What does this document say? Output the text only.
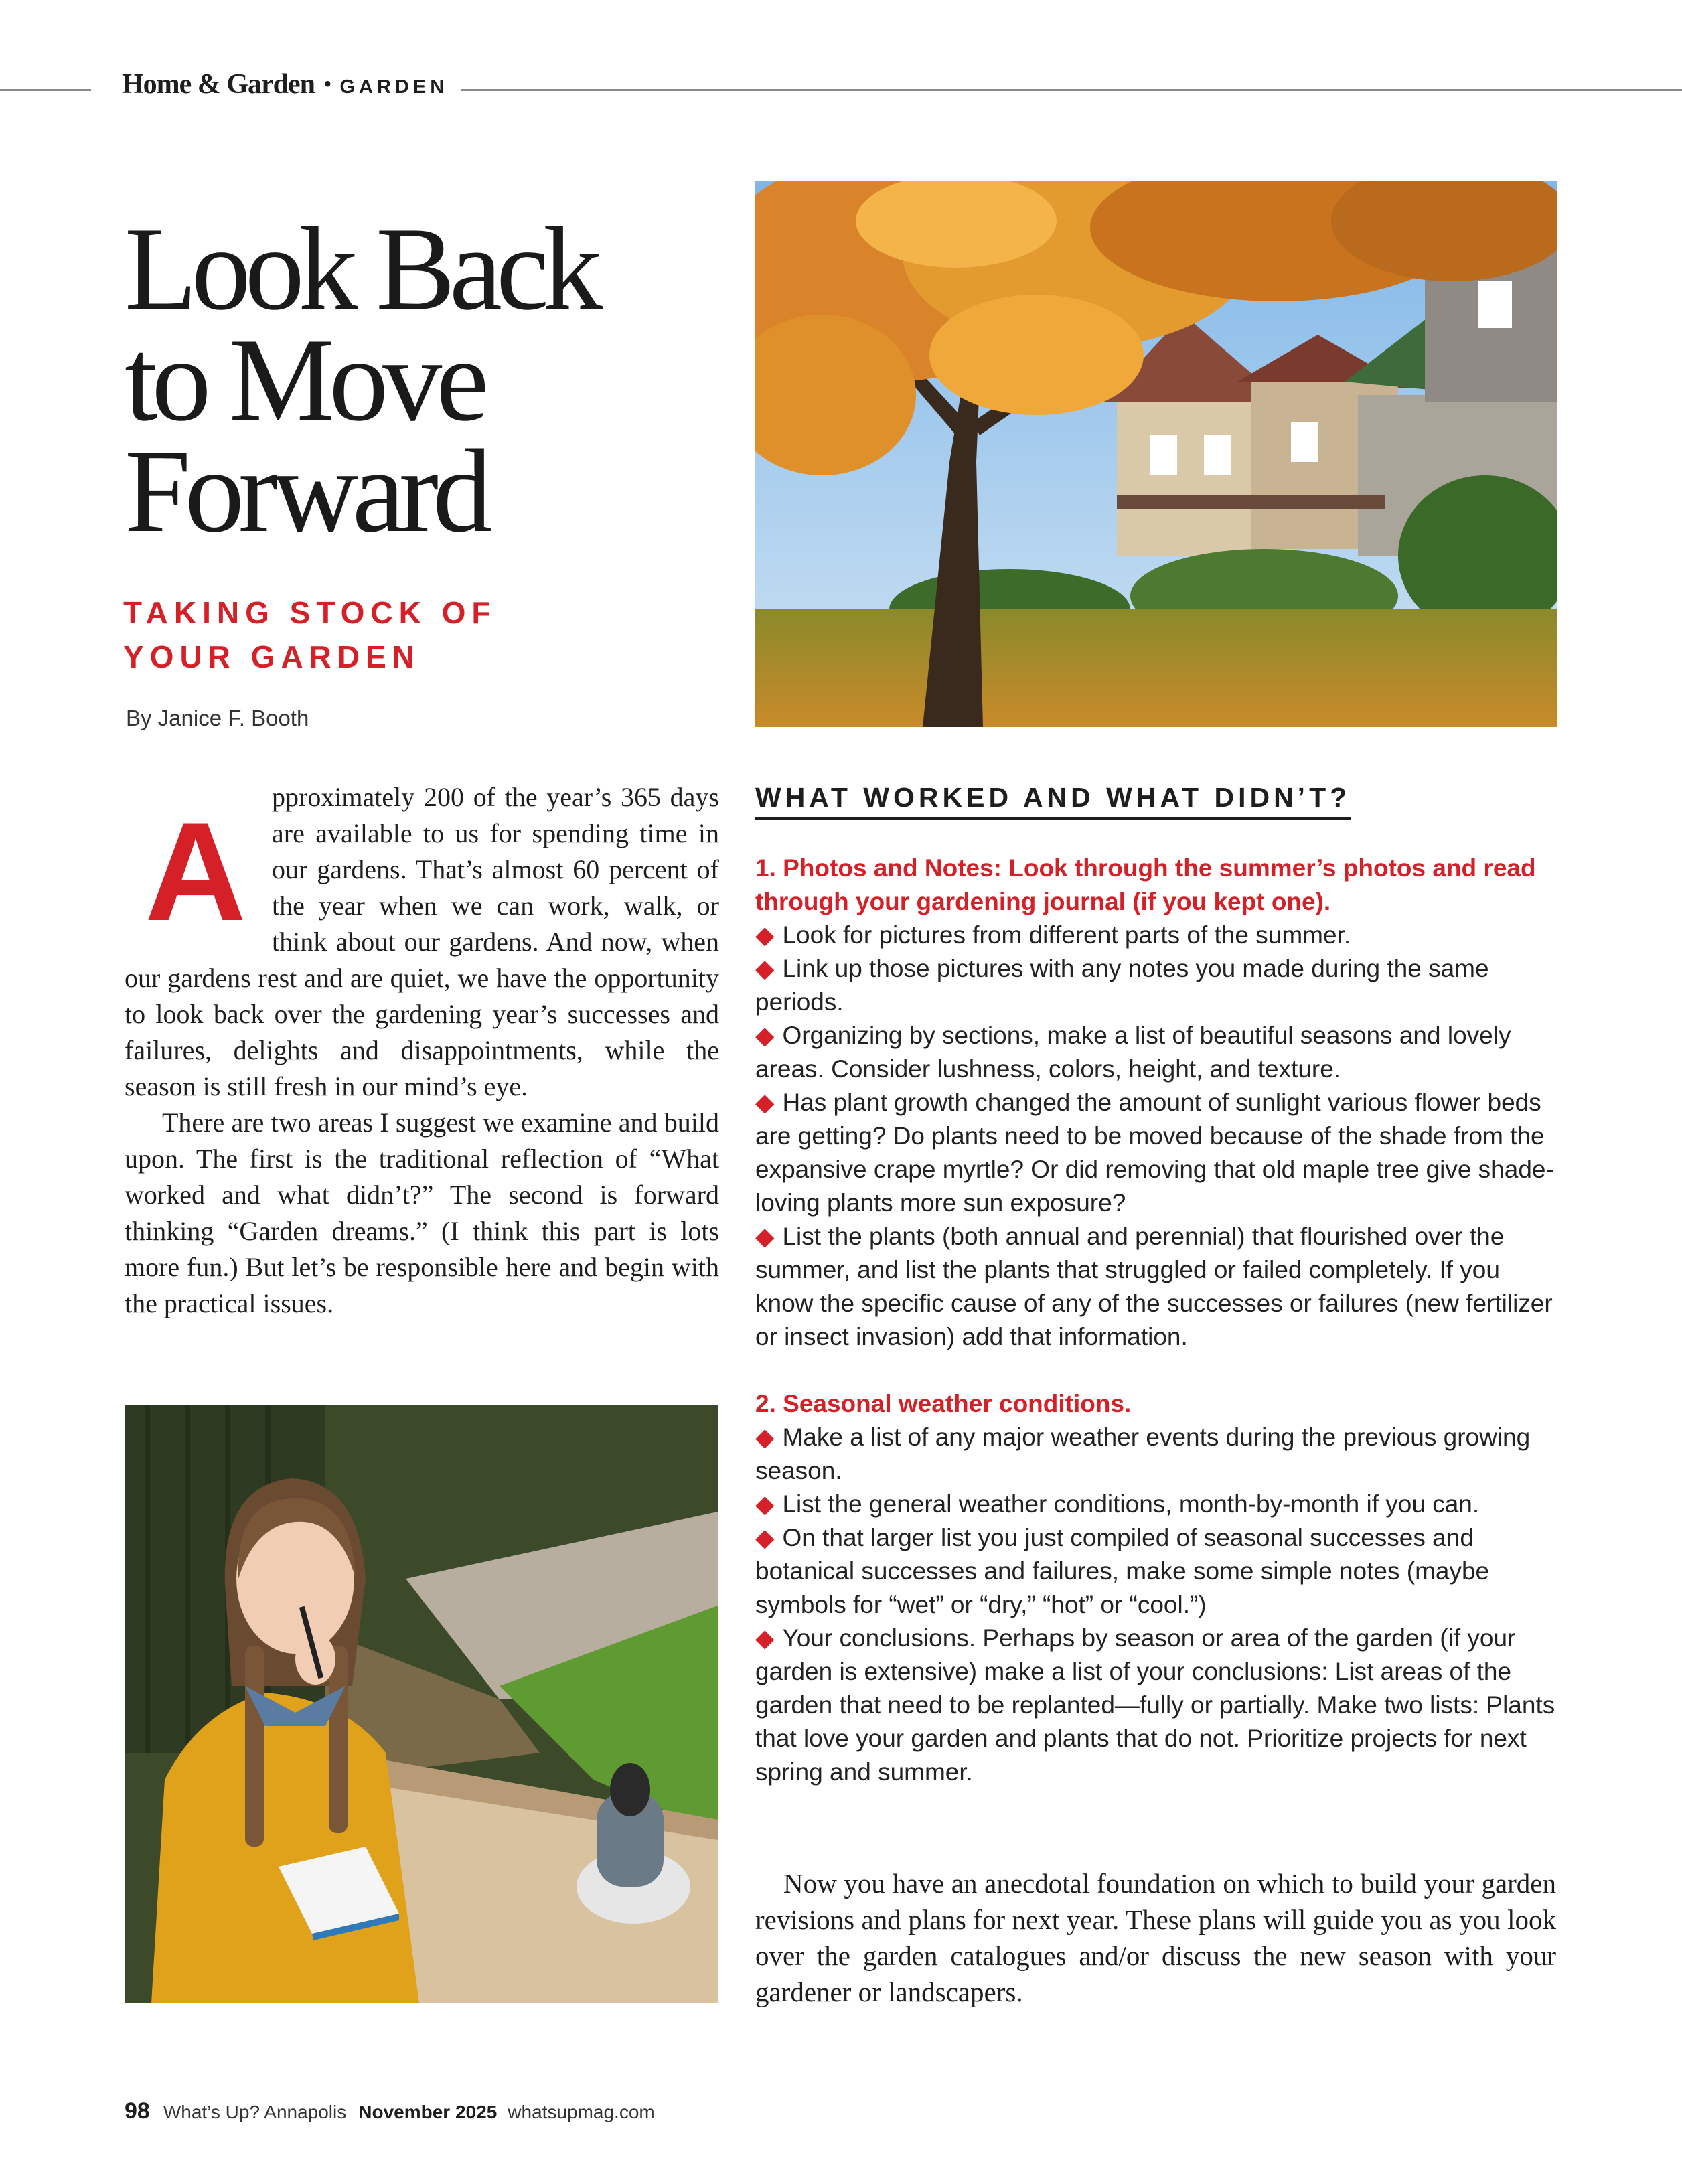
Home & Garden • GARDEN
Look Back
to Move
Forward
TAKING STOCK OF
YOUR GARDEN
By Janice F. Booth

Approximately 200 of the year’s 365 days are available to us for spending time in our gardens. That’s almost 60 percent of the year when we can work, walk, or think about our gardens. And now, when our gardens rest and are quiet, we have the opportunity to look back over the gardening year’s successes and failures, delights and disappointments, while the season is still fresh in our mind’s eye.

There are two areas I suggest we examine and build upon. The first is the traditional reflection of “What worked and what didn’t?” The second is forward thinking “Garden dreams.” (I think this part is lots more fun.) But let’s be responsible here and begin with the practical issues.

WHAT WORKED AND WHAT DIDN’T?
1. Photos and Notes: Look through the summer’s photos and read through your gardening journal (if you kept one).
◆ Look for pictures from different parts of the summer.
◆ Link up those pictures with any notes you made during the same periods.
◆ Organizing by sections, make a list of beautiful seasons and lovely areas. Consider lushness, colors, height, and texture.
◆ Has plant growth changed the amount of sunlight various flower beds are getting? Do plants need to be moved because of the shade from the expansive crape myrtle? Or did removing that old maple tree give shade-loving plants more sun exposure?
◆ List the plants (both annual and perennial) that flourished over the summer, and list the plants that struggled or failed completely. If you know the specific cause of any of the successes or failures (new fertilizer or insect invasion) add that information.
2. Seasonal weather conditions.
◆ Make a list of any major weather events during the previous growing season.
◆ List the general weather conditions, month-by-month if you can.
◆ On that larger list you just compiled of seasonal successes and botanical successes and failures, make some simple notes (maybe symbols for “wet” or “dry,” “hot” or “cool.”)
◆ Your conclusions. Perhaps by season or area of the garden (if your garden is extensive) make a list of your conclusions: List areas of the garden that need to be replanted—fully or partially. Make two lists: Plants that love your garden and plants that do not. Prioritize projects for next spring and summer.

Now you have an anecdotal foundation on which to build your garden revisions and plans for next year. These plans will guide you as you look over the garden catalogues and/or discuss the new season with your gardener or landscapers.

98 What’s Up? Annapolis November 2025 whatsupmag.com
